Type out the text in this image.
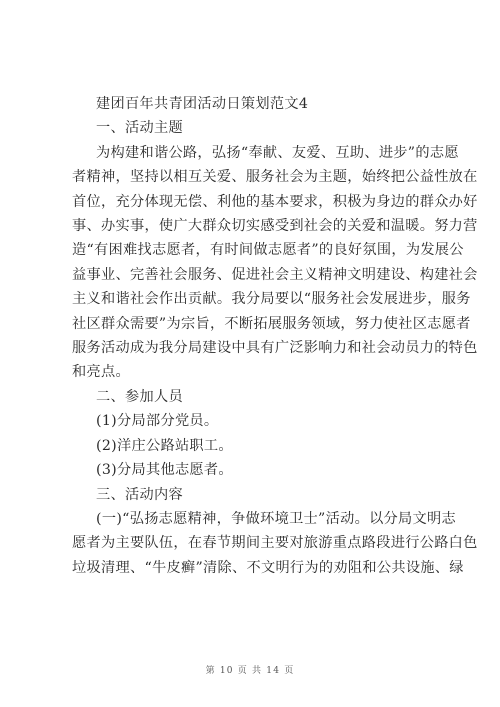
建团百年共青团活动日策划范文4
一、活动主题
为构建和谐公路，弘扬“奉献、友爱、互助、进步”的志愿
者精神，坚持以相互关爱、服务社会为主题，始终把公益性放在
首位，充分体现无偿、利他的基本要求，积极为身边的群众办好
事、办实事，使广大群众切实感受到社会的关爱和温暖。努力营
造“有困难找志愿者，有时间做志愿者”的良好氛围，为发展公
益事业、完善社会服务、促进社会主义精神文明建设、构建社会
主义和谐社会作出贡献。我分局要以“服务社会发展进步，服务
社区群众需要”为宗旨，不断拓展服务领域，努力使社区志愿者
服务活动成为我分局建设中具有广泛影响力和社会动员力的特色
和亮点。
二、参加人员
(1)分局部分党员。
(2)洋庄公路站职工。
(3)分局其他志愿者。
三、活动内容
(一)“弘扬志愿精神，争做环境卫士”活动。以分局文明志
愿者为主要队伍，在春节期间主要对旅游重点路段进行公路白色
垃圾清理、“牛皮癣”清除、不文明行为的劝阻和公共设施、绿
第 10 页 共 14 页
